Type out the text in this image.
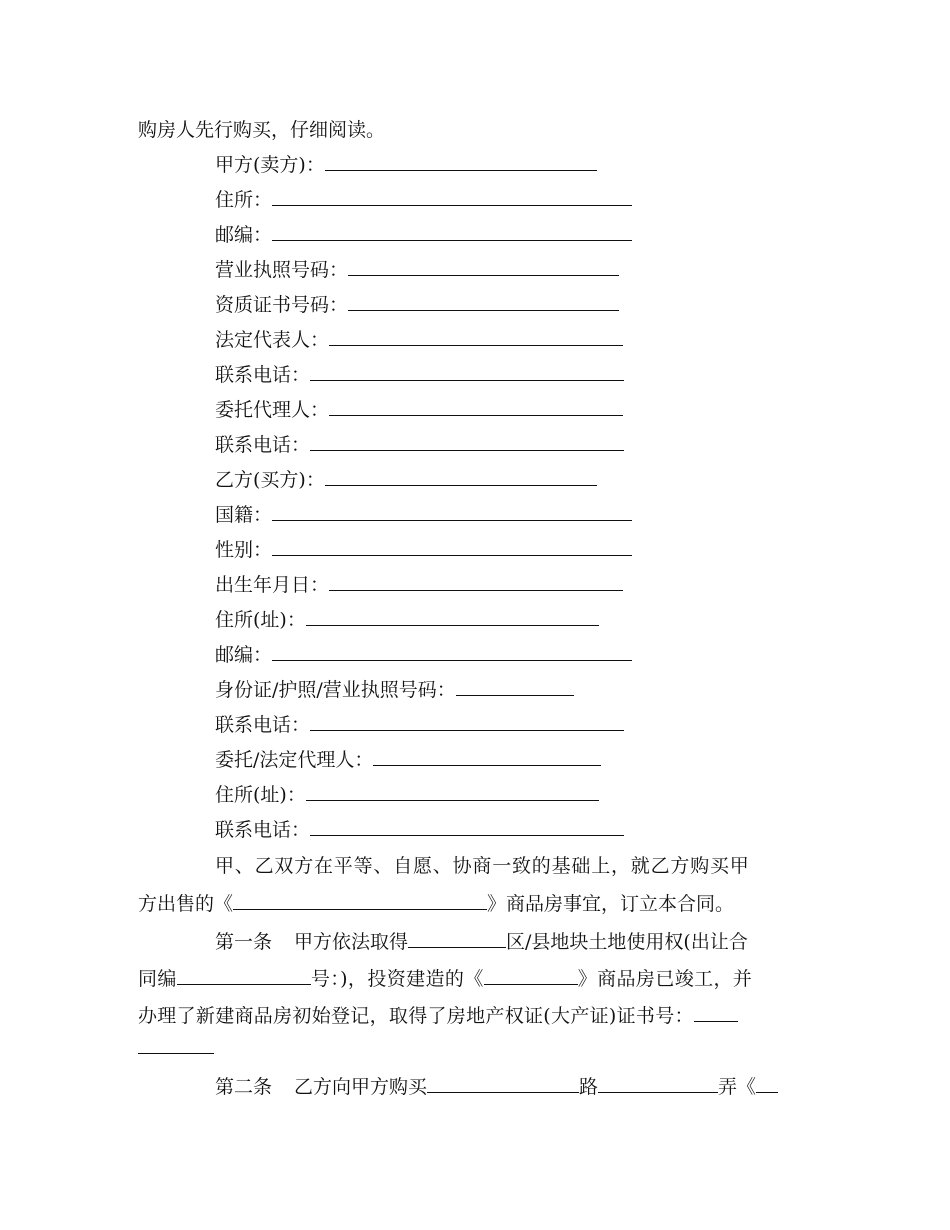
购房人先行购买，仔细阅读。
甲方(卖方)：
住所：
邮编：
营业执照号码：
资质证书号码：
法定代表人：
联系电话：
委托代理人：
联系电话：
乙方(买方)：
国籍：
性别：
出生年月日：
住所(址)：
邮编：
身份证/护照/营业执照号码：
联系电话：
委托/法定代理人：
住所(址)：
联系电话：
甲、乙双方在平等、自愿、协商一致的基础上，就乙方购买甲
方出售的《	》商品房事宜，订立本合同。
第一条 甲方依法取得	区/县地块土地使用权(出让合
同编	号：)，投资建造的《	》商品房已竣工，并
办理了新建商品房初始登记，取得了房地产权证(大产证)证书号：
第二条 乙方向甲方购买	路	弄《
